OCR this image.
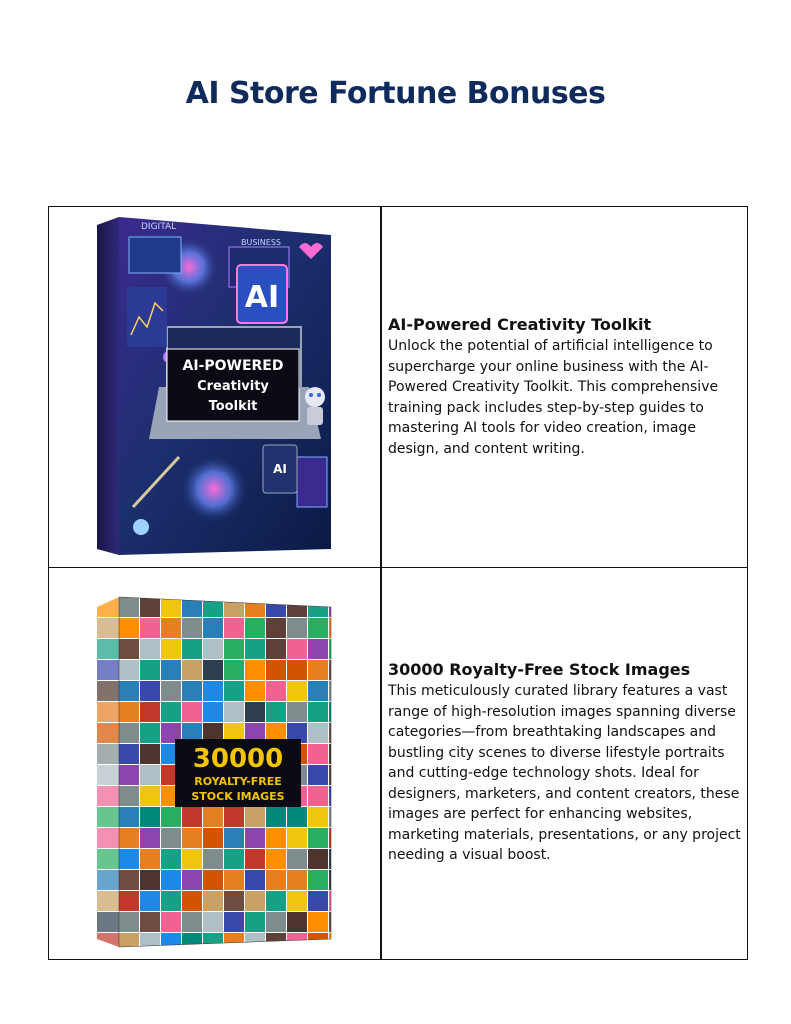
AI Store Fortune Bonuses
AI
DIGITAL
BUSINESS
AI
AI-POWERED
Creativity
Toolkit

AI-Powered Creativity Toolkit

Unlock the potential of artificial intelligence to supercharge your online business with the AI-Powered Creativity Toolkit. This comprehensive training pack includes step-by-step guides to mastering AI tools for video creation, image design, and content writing.

30000
ROYALTY-FREE
STOCK IMAGES

30000 Royalty-Free Stock Images

This meticulously curated library features a vast range of high-resolution images spanning diverse categories—from breathtaking landscapes and bustling city scenes to diverse lifestyle portraits and cutting-edge technology shots. Ideal for designers, marketers, and content creators, these images are perfect for enhancing websites, marketing materials, presentations, or any project needing a visual boost.
